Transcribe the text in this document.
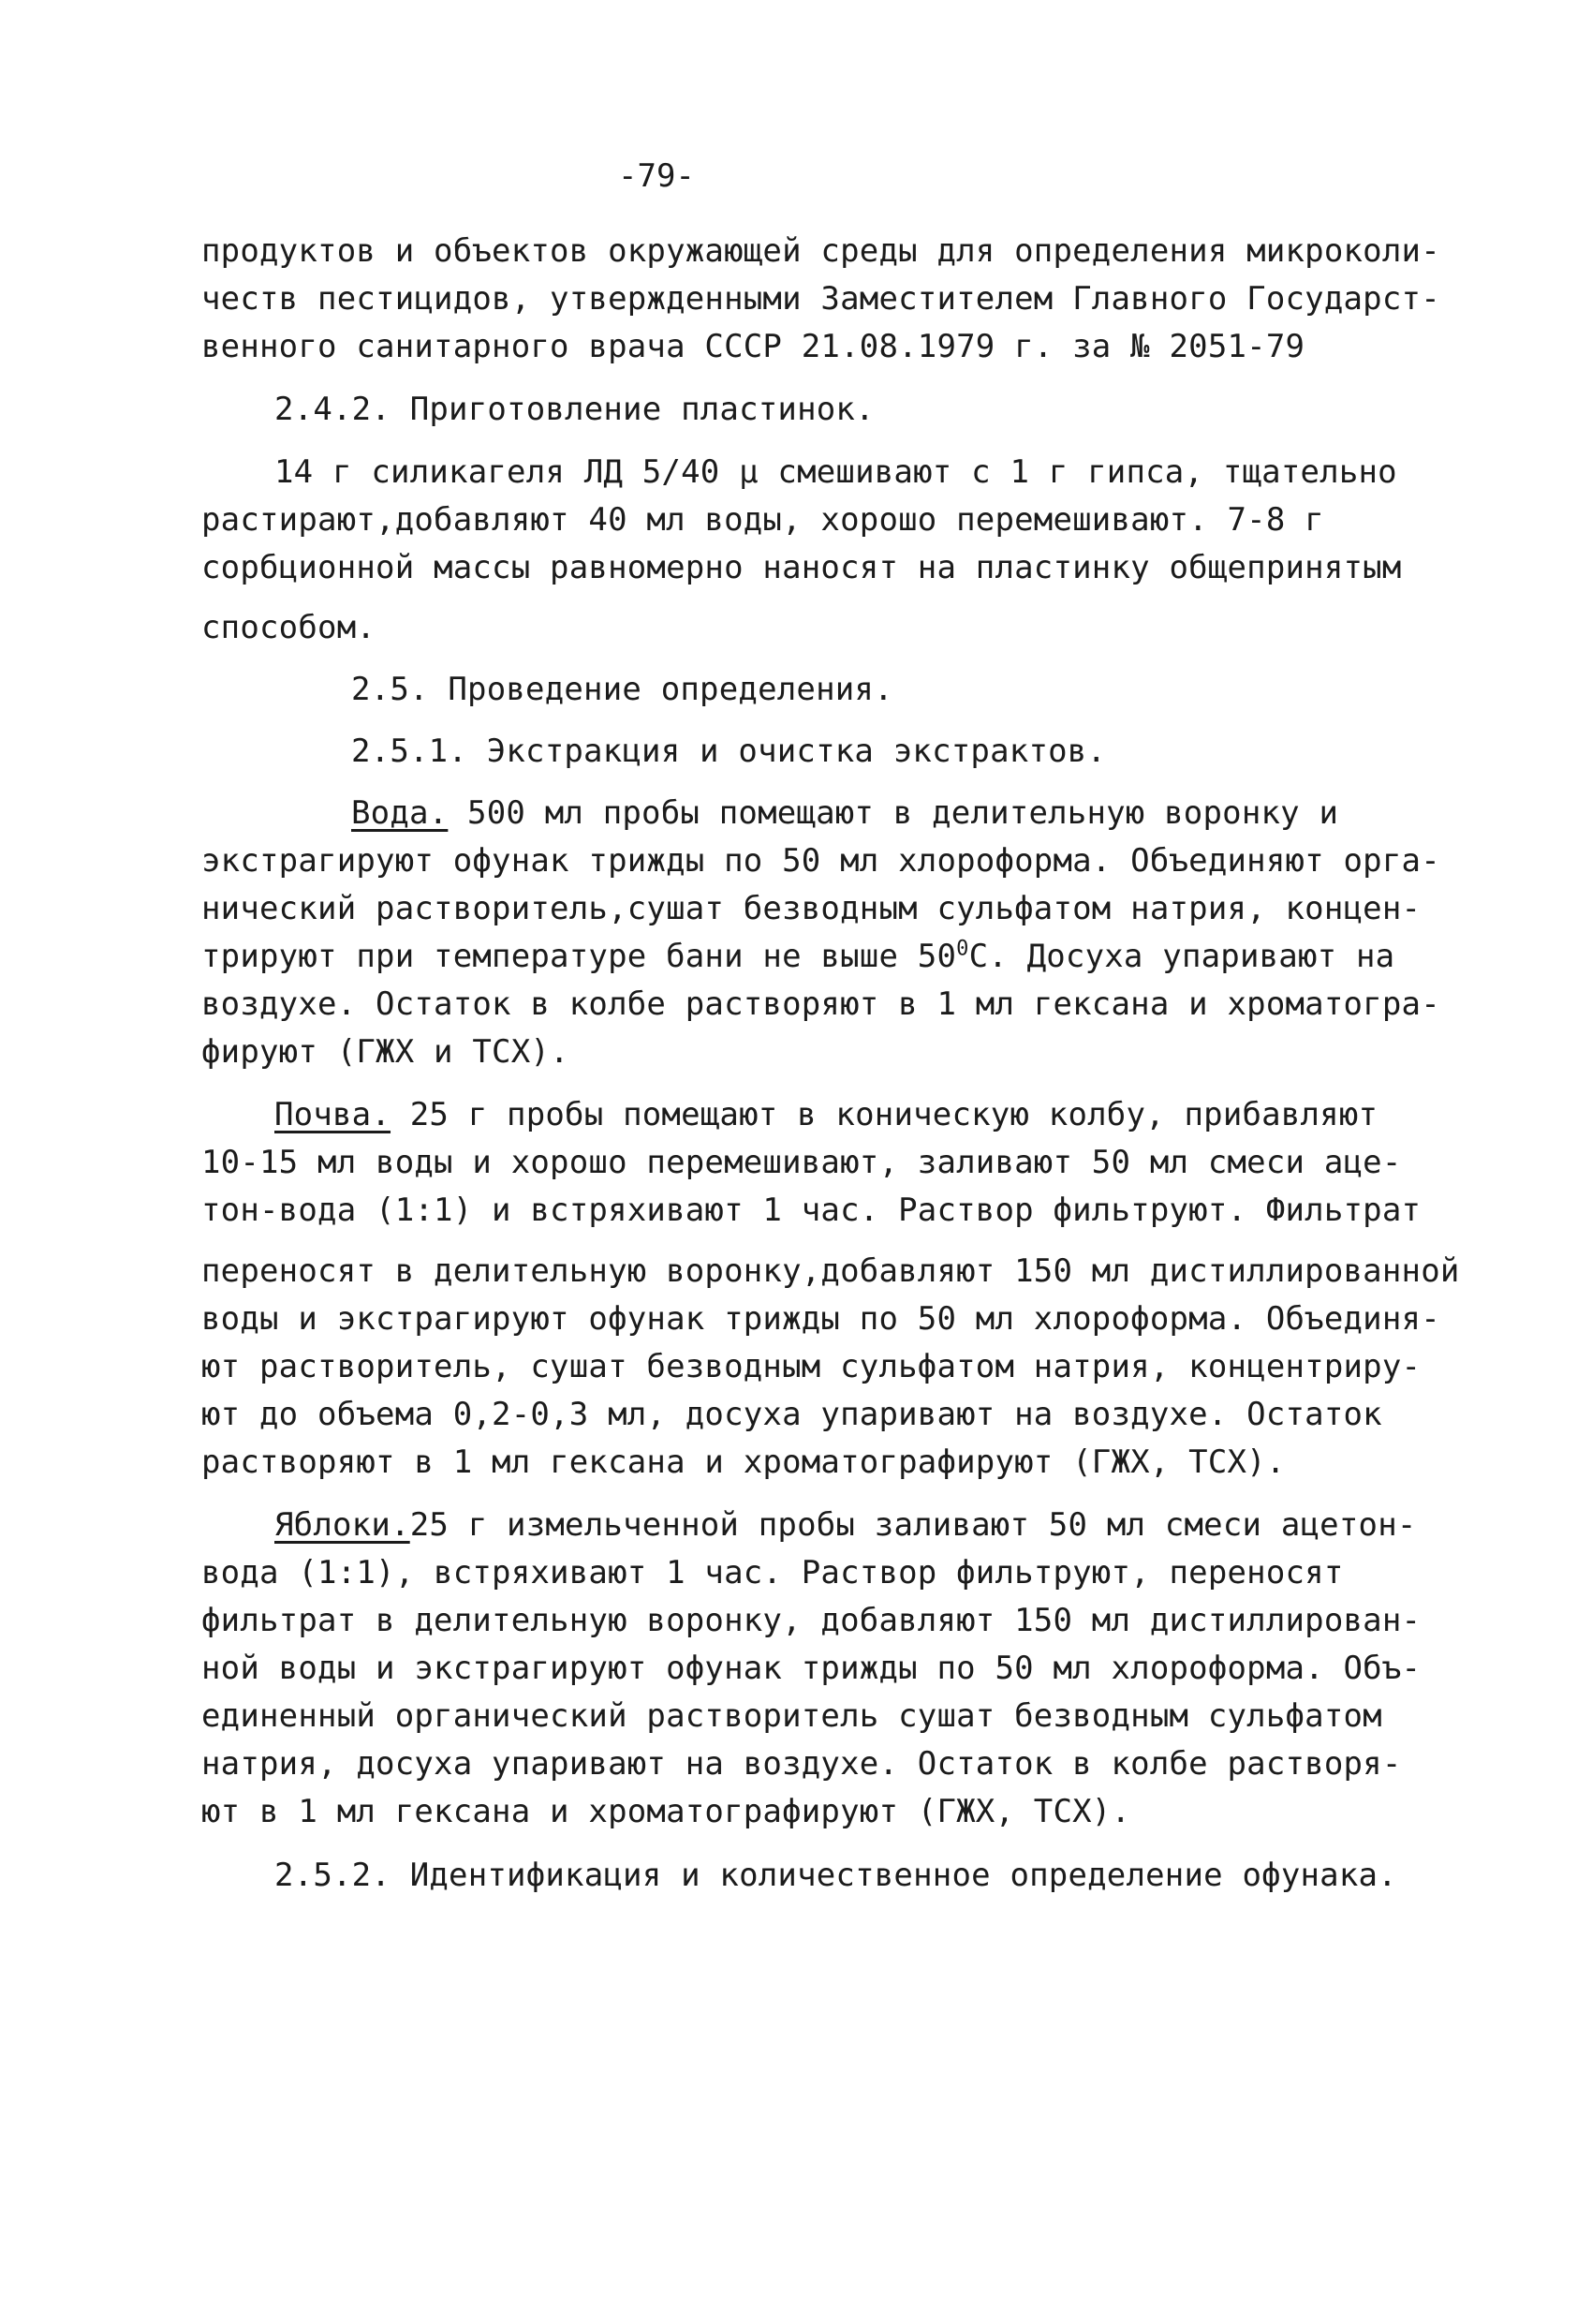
-79-
продуктов и объектов окружающей среды для определения микроколи-
честв пестицидов, утвержденными Заместителем Главного Государст-
венного санитарного врача СССР 21.08.1979 г. за № 2051-79
2.4.2. Приготовление пластинок.
14 г силикагеля ЛД 5/40 μ смешивают с 1 г гипса, тщательно
растирают,добавляют 40 мл воды, хорошо перемешивают. 7-8 г
сорбционной массы равномерно наносят на пластинку общепринятым
способом.
2.5. Проведение определения.
2.5.1. Экстракция и очистка экстрактов.
Вода. 500 мл пробы помещают в делительную воронку и
экстрагируют офунак трижды по 50 мл хлороформа. Объединяют орга-
нический растворитель,сушат безводным сульфатом натрия, концен-
трируют при температуре бани не выше $50^0С$. Досуха упаривают на
воздухе. Остаток в колбе растворяют в 1 мл гексана и хроматогра-
фируют (ГЖХ и ТСХ).
Почва. 25 г пробы помещают в коническую колбу, прибавляют
10-15 мл воды и хорошо перемешивают, заливают 50 мл смеси аце-
тон-вода (1:1) и встряхивают 1 час. Раствор фильтруют. Фильтрат
переносят в делительную воронку,добавляют 150 мл дистиллированной
воды и экстрагируют офунак трижды по 50 мл хлороформа. Объединя-
ют растворитель, сушат безводным сульфатом натрия, концентриру-
ют до объема 0,2-0,3 мл, досуха упаривают на воздухе. Остаток
растворяют в 1 мл гексана и хроматографируют (ГЖХ, ТСХ).
Яблоки.25 г измельченной пробы заливают 50 мл смеси ацетон-
вода (1:1), встряхивают 1 час. Раствор фильтруют, переносят
фильтрат в делительную воронку, добавляют 150 мл дистиллирован-
ной воды и экстрагируют офунак трижды по 50 мл хлороформа. Объ-
единенный органический растворитель сушат безводным сульфатом
натрия, досуха упаривают на воздухе. Остаток в колбе растворя-
ют в 1 мл гексана и хроматографируют (ГЖХ, ТСХ).
2.5.2. Идентификация и количественное определение офунака.
